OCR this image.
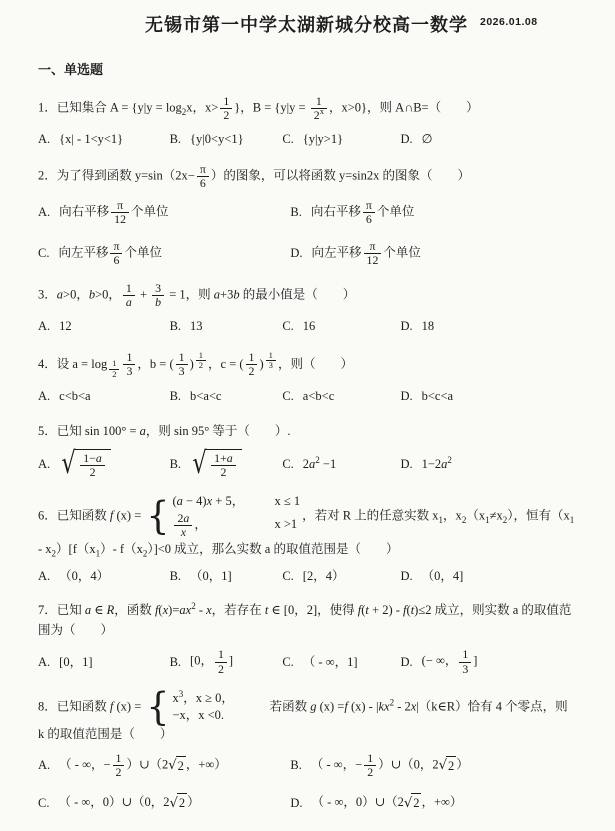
无锡市第一中学太湖新城分校高一数学	2026.01.08
一、单选题
1．已知集合 $A = \{y|y = \log_2x$，$x> \frac{1}{2}$ }，$B = \{y|y = \frac{1}{2^x}$ ，x>0}，则 A∩B=（　　）
A. {x| - 1<y<1}	B. {y|0<y<1}	C. {y|y>1}	D. ∅
2．为了得到函数 $y=\sin(2x- \frac{\pi}{6}$ ）的图象，可以将函数 y=sin2x 的图象（　　）
A. 向右平移 $\frac{\pi}{12}$ 个单位	B. 向右平移 $\frac{\pi}{6}$ 个单位
C. 向左平移 $\frac{\pi}{6}$ 个单位	D. 向左平移 $\frac{\pi}{12}$ 个单位
3．a>0，b>0， $\frac{1}{a} + \frac{3}{b} = 1$，则 a+3b 的最小值是（　　）
A. 12	B. 13	C. 16	D. 18
4．设 $a = \log _{\frac{1}{2}} \frac{1}{3}$ ，b = ( $\frac{1}{3}$ ) $^{\frac{1}{2}}$ ，c = ( $\frac{1}{2}$ ) $^{\frac{1}{3}}$ ，则（　　）
A. c<b<a	B. b<a<c	C. a<b<c	D. b<c<a
5．已知 sin 100° = a，则 sin 95° 等于（　　）.
A. √ $\frac{1-a}{2}$	B. √ $\frac{1+a}{2}$	C. $2a^2 -1$	D. $1-2a^2$
6．已知函数 f (x) = { (a − 4)x + 5，	x ≤ 1
$\frac{2a}{x}$ ，	x >1
，若对 R 上的任意实数 $x_1$，$x_2(x_1\ne x_2)$，恒有$(x_1 - x_2)[f(x_1)-$ $f(x_2)]<0$ 成立，那么实数 a 的取值范围是（　　）
A. （0，4）	B. （0，1]	C. [2，4）	D. （0，4]
7．已知 a ∈ R，函数 $f(x)=ax^2 - x$，若存在 t ∈ [0，2]，使得 f(t + 2) - f(t)≤2 成立，则实数 a 的取值范围为（　　）
A. [0，1]	B. [0， $\frac{1}{2}$ ]	C. （ - ∞，1]	D. (− ∞， $\frac{1}{3}$ ]
8．已知函数 f (x) = { $x^3$，x ≥ 0，
−x，x <0.
若函数 g (x) =f $(x) - |kx^2$ - 2x|（k∈R）恰有 4 个零点，则 k 的取值范围是（　　）
A. （ - ∞，− $\frac{1}{2}$ ）∪（2 √ 2 ，+∞）	B. （ - ∞，− $\frac{1}{2}$ ）∪（0，2 √ 2 ）
C. （ - ∞，0）∪（0，2 √ 2 ）	D. （ - ∞，0）∪（2 √ 2 ，+∞）
